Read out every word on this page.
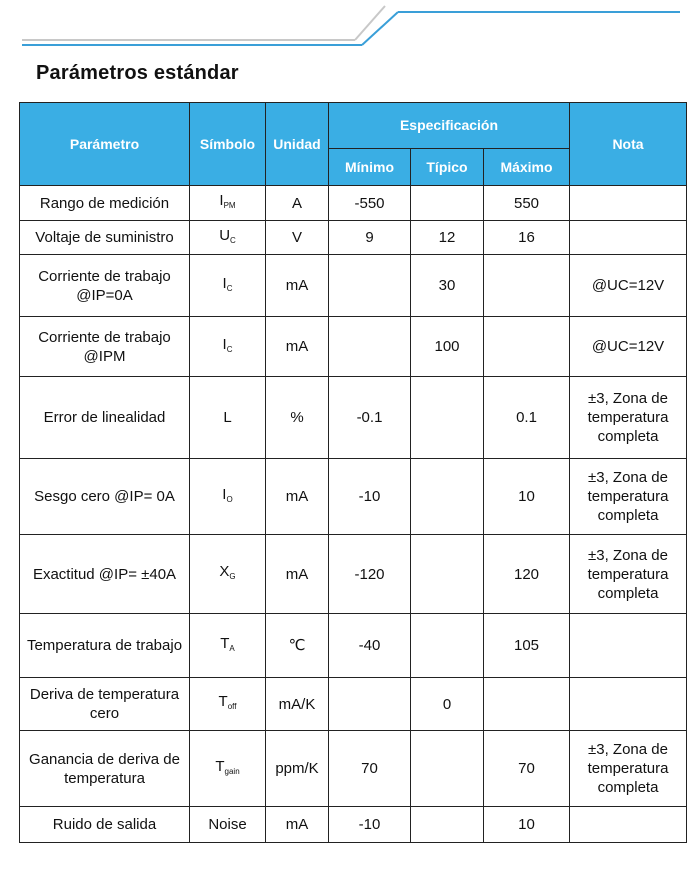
Parámetros estándar
Parámetro	Símbolo	Unidad	Especificación			Nota
			Mínimo	Típico	Máximo	
Rango de medición	$I_{PM}$	A	-550		550	
Voltaje de suministro	$U_C$	V	9	12	16	
Corriente de trabajo @IP=0A	$I_C$	mA		30		@UC=12V
Corriente de trabajo @IPM	$I_C$	mA		100		@UC=12V
Error de linealidad	L	%	-0.1		0.1	±3, Zona de temperatura completa
Sesgo cero @IP= 0A	$I_O$	mA	-10		10	±3, Zona de temperatura completa
Exactitud @IP= ±40A	$X_G$	mA	-120		120	±3, Zona de temperatura completa
Temperatura de trabajo	$T_A$	℃	-40		105	
Deriva de temperatura cero	$T_{off}$	mA/K		0		
Ganancia de deriva de temperatura	$T_{gain}$	ppm/K	70		70	±3, Zona de temperatura completa
Ruido de salida	Noise	mA	-10		10	
